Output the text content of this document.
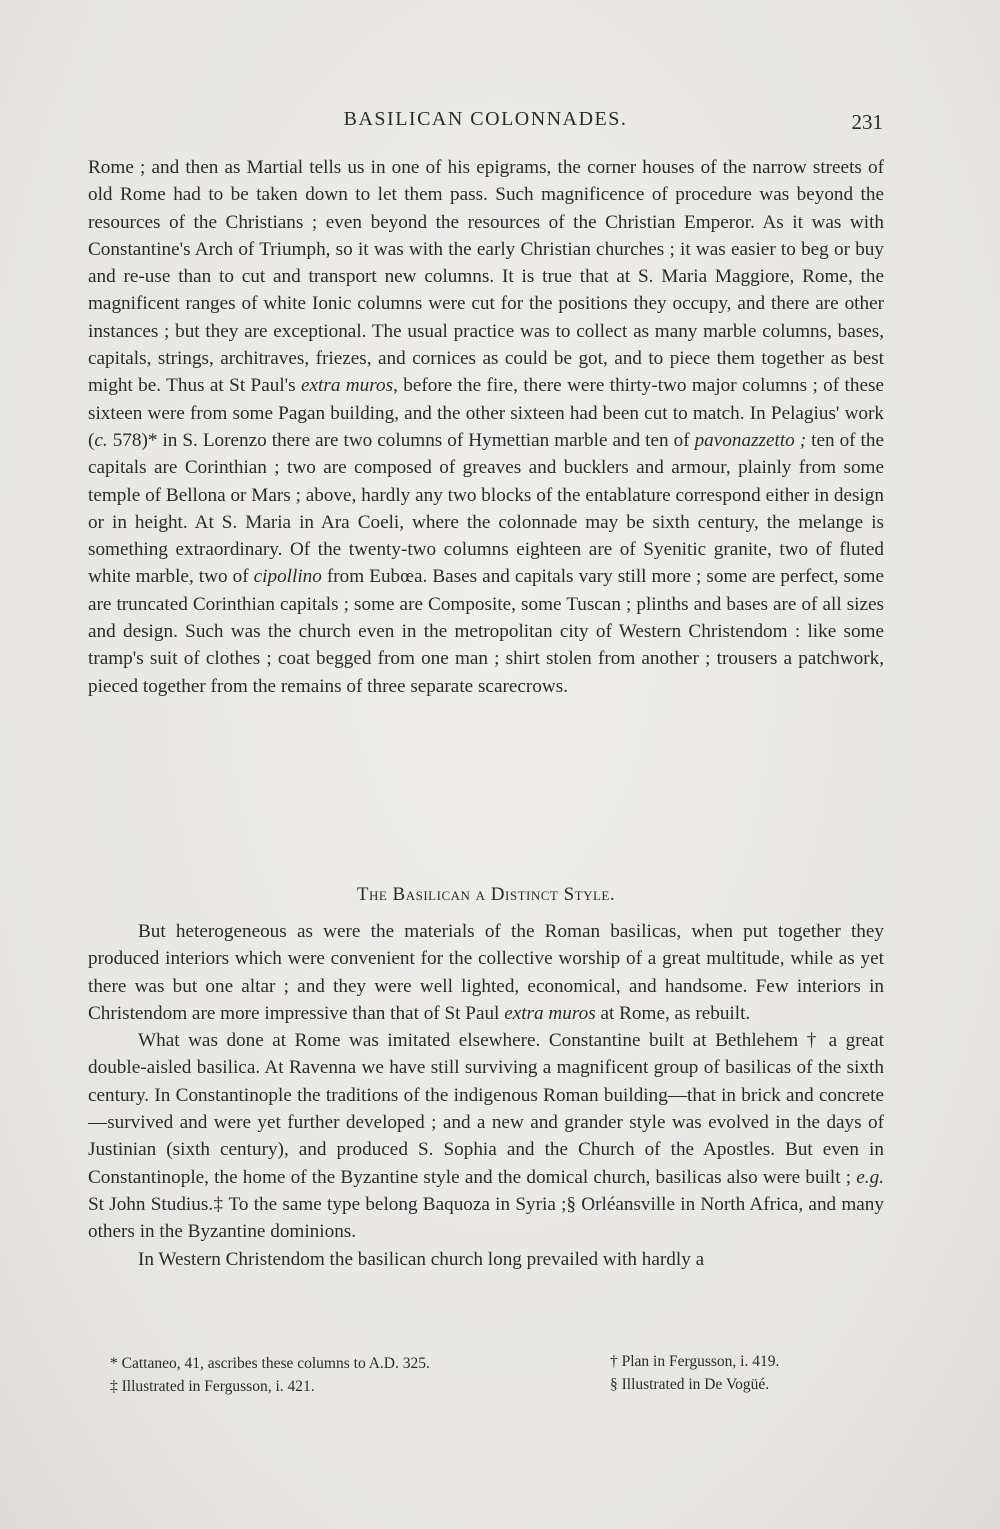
BASILICAN COLONNADES.	231

Rome ; and then as Martial tells us in one of his epigrams, the corner houses of the narrow streets of old Rome had to be taken down to let them pass. Such magnificence of procedure was beyond the resources of the Christians ; even beyond the resources of the Christian Emperor. As it was with Constantine's Arch of Triumph, so it was with the early Christian churches ; it was easier to beg or buy and re-use than to cut and transport new columns. It is true that at S. Maria Maggiore, Rome, the magnificent ranges of white Ionic columns were cut for the positions they occupy, and there are other instances ; but they are exceptional. The usual practice was to collect as many marble columns, bases, capitals, strings, architraves, friezes, and cornices as could be got, and to piece them together as best might be. Thus at St Paul's extra muros, before the fire, there were thirty-two major columns ; of these sixteen were from some Pagan building, and the other sixteen had been cut to match. In Pelagius' work (c. 578)* in S. Lorenzo there are two columns of Hymettian marble and ten of pavonazzetto ; ten of the capitals are Corinthian ; two are composed of greaves and bucklers and armour, plainly from some temple of Bellona or Mars ; above, hardly any two blocks of the entablature correspond either in design or in height. At S. Maria in Ara Coeli, where the colonnade may be sixth century, the melange is something extraordinary. Of the twenty-two columns eighteen are of Syenitic granite, two of fluted white marble, two of cipollino from Eubœa. Bases and capitals vary still more ; some are perfect, some are truncated Corinthian capitals ; some are Composite, some Tuscan ; plinths and bases are of all sizes and design. Such was the church even in the metropolitan city of Western Christendom : like some tramp's suit of clothes ; coat begged from one man ; shirt stolen from another ; trousers a patchwork, pieced together from the remains of three separate scarecrows.

The Basilican a Distinct Style.

But heterogeneous as were the materials of the Roman basilicas, when put together they produced interiors which were convenient for the collective worship of a great multitude, while as yet there was but one altar ; and they were well lighted, economical, and handsome. Few interiors in Christendom are more impressive than that of St Paul extra muros at Rome, as rebuilt.

What was done at Rome was imitated elsewhere. Constantine built at Bethlehem † a great double-aisled basilica. At Ravenna we have still surviving a magnificent group of basilicas of the sixth century. In Constantinople the traditions of the indigenous Roman building—that in brick and concrete—survived and were yet further developed ; and a new and grander style was evolved in the days of Justinian (sixth century), and produced S. Sophia and the Church of the Apostles. But even in Constantinople, the home of the Byzantine style and the domical church, basilicas also were built ; e.g. St John Studius.‡ To the same type belong Baquoza in Syria ;§ Orléansville in North Africa, and many others in the Byzantine dominions.

In Western Christendom the basilican church long prevailed with hardly a

* Cattaneo, 41, ascribes these columns to A.D. 325.	† Plan in Fergusson, i. 419.
‡ Illustrated in Fergusson, i. 421.	§ Illustrated in De Vogüé.
